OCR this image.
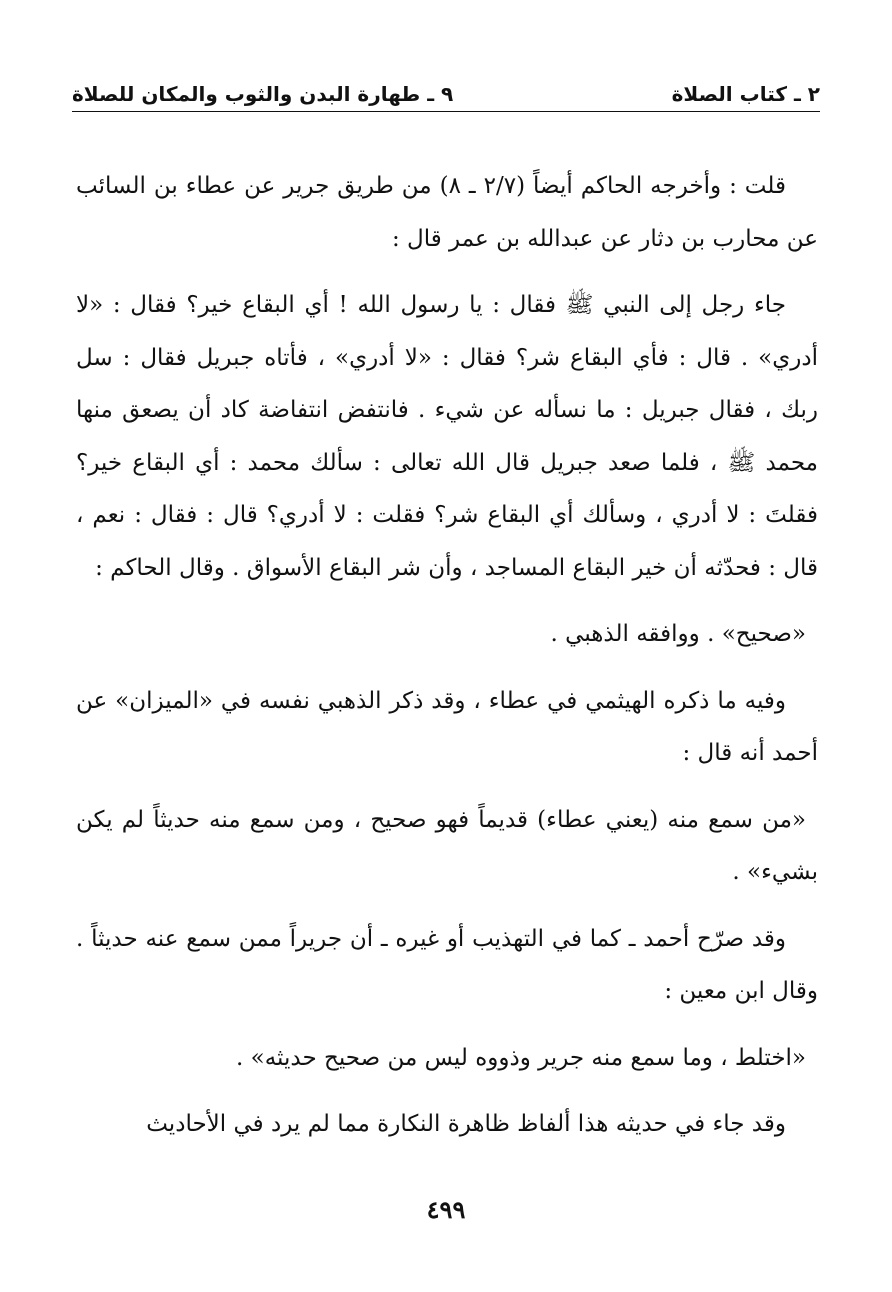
٢ ـ كتاب الصلاة
٩ ـ طهارة البدن والثوب والمكان للصلاة

قلت : وأخرجه الحاكم أيضاً (٢/٧ ـ ٨) من طريق جرير عن عطاء بن السائب عن محارب بن دثار عن عبدالله بن عمر قال :

جاء رجل إلى النبي ﷺ فقال : يا رسول الله ! أي البقاع خير؟ فقال : «لا أدري» . قال : فأي البقاع شر؟ فقال : «لا أدري» ، فأتاه جبريل فقال : سل ربك ، فقال جبريل : ما نسأله عن شيء . فانتفض انتفاضة كاد أن يصعق منها محمد ﷺ ، فلما صعد جبريل قال الله تعالى : سألك محمد : أي البقاع خير؟ فقلتَ : لا أدري ، وسألك أي البقاع شر؟ فقلت : لا أدري؟ قال : فقال : نعم ، قال : فحدّثه أن خير البقاع المساجد ، وأن شر البقاع الأسواق . وقال الحاكم :

«صحيح» . ووافقه الذهبي .

وفيه ما ذكره الهيثمي في عطاء ، وقد ذكر الذهبي نفسه في «الميزان» عن أحمد أنه قال :

«من سمع منه (يعني عطاء) قديماً فهو صحيح ، ومن سمع منه حديثاً لم يكن بشيء» .

وقد صرّح أحمد ـ كما في التهذيب أو غيره ـ أن جريراً ممن سمع عنه حديثاً . وقال ابن معين :

«اختلط ، وما سمع منه جرير وذووه ليس من صحيح حديثه» .

وقد جاء في حديثه هذا ألفاظ ظاهرة النكارة مما لم يرد في الأحاديث

٤٩٩
